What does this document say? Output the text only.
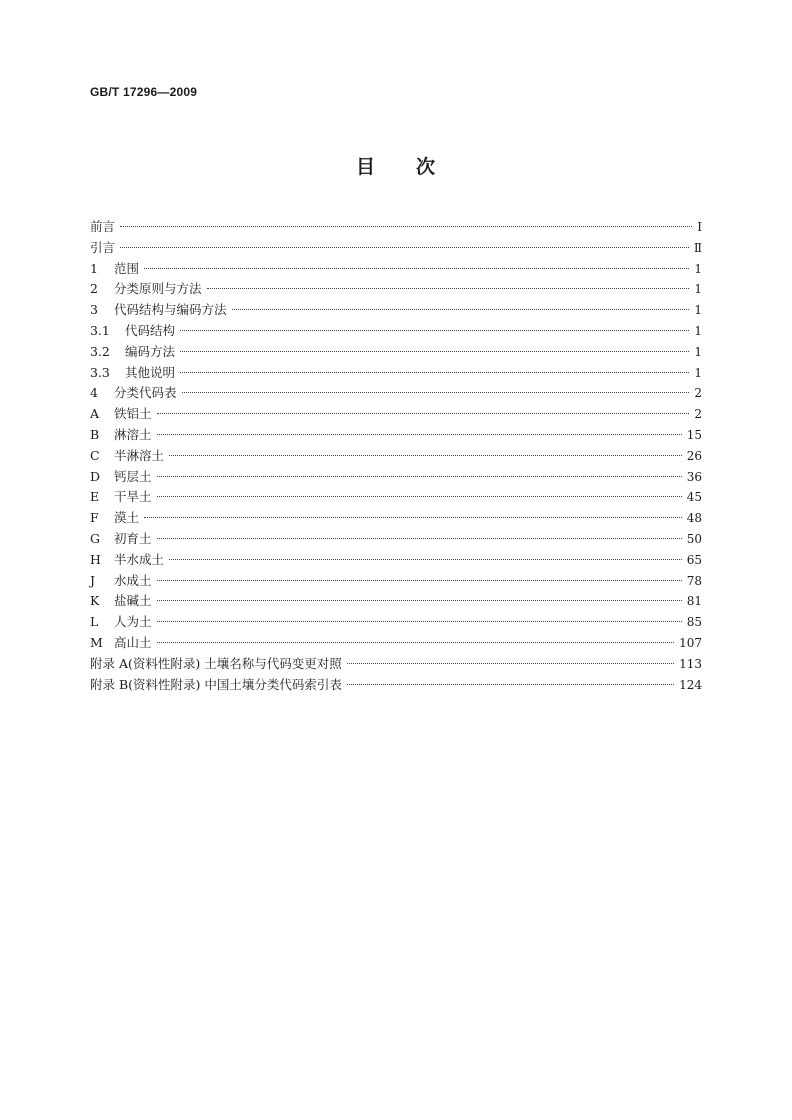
GB/T 17296—2009
目 次
前言	Ⅰ
引言	Ⅱ
1	范围	1
2	分类原则与方法	1
3	代码结构与编码方法	1
3.1	代码结构	1
3.2	编码方法	1
3.3	其他说明	1
4	分类代码表	2
A	铁铝土	2
B	淋溶土	15
C	半淋溶土	26
D	钙层土	36
E	干旱土	45
F	漠土	48
G	初育土	50
H	半水成土	65
J	水成土	78
K	盐碱土	81
L	人为土	85
M 高山土	107
附录 A(资料性附录) 土壤名称与代码变更对照	113
附录 B(资料性附录) 中国土壤分类代码索引表	124
